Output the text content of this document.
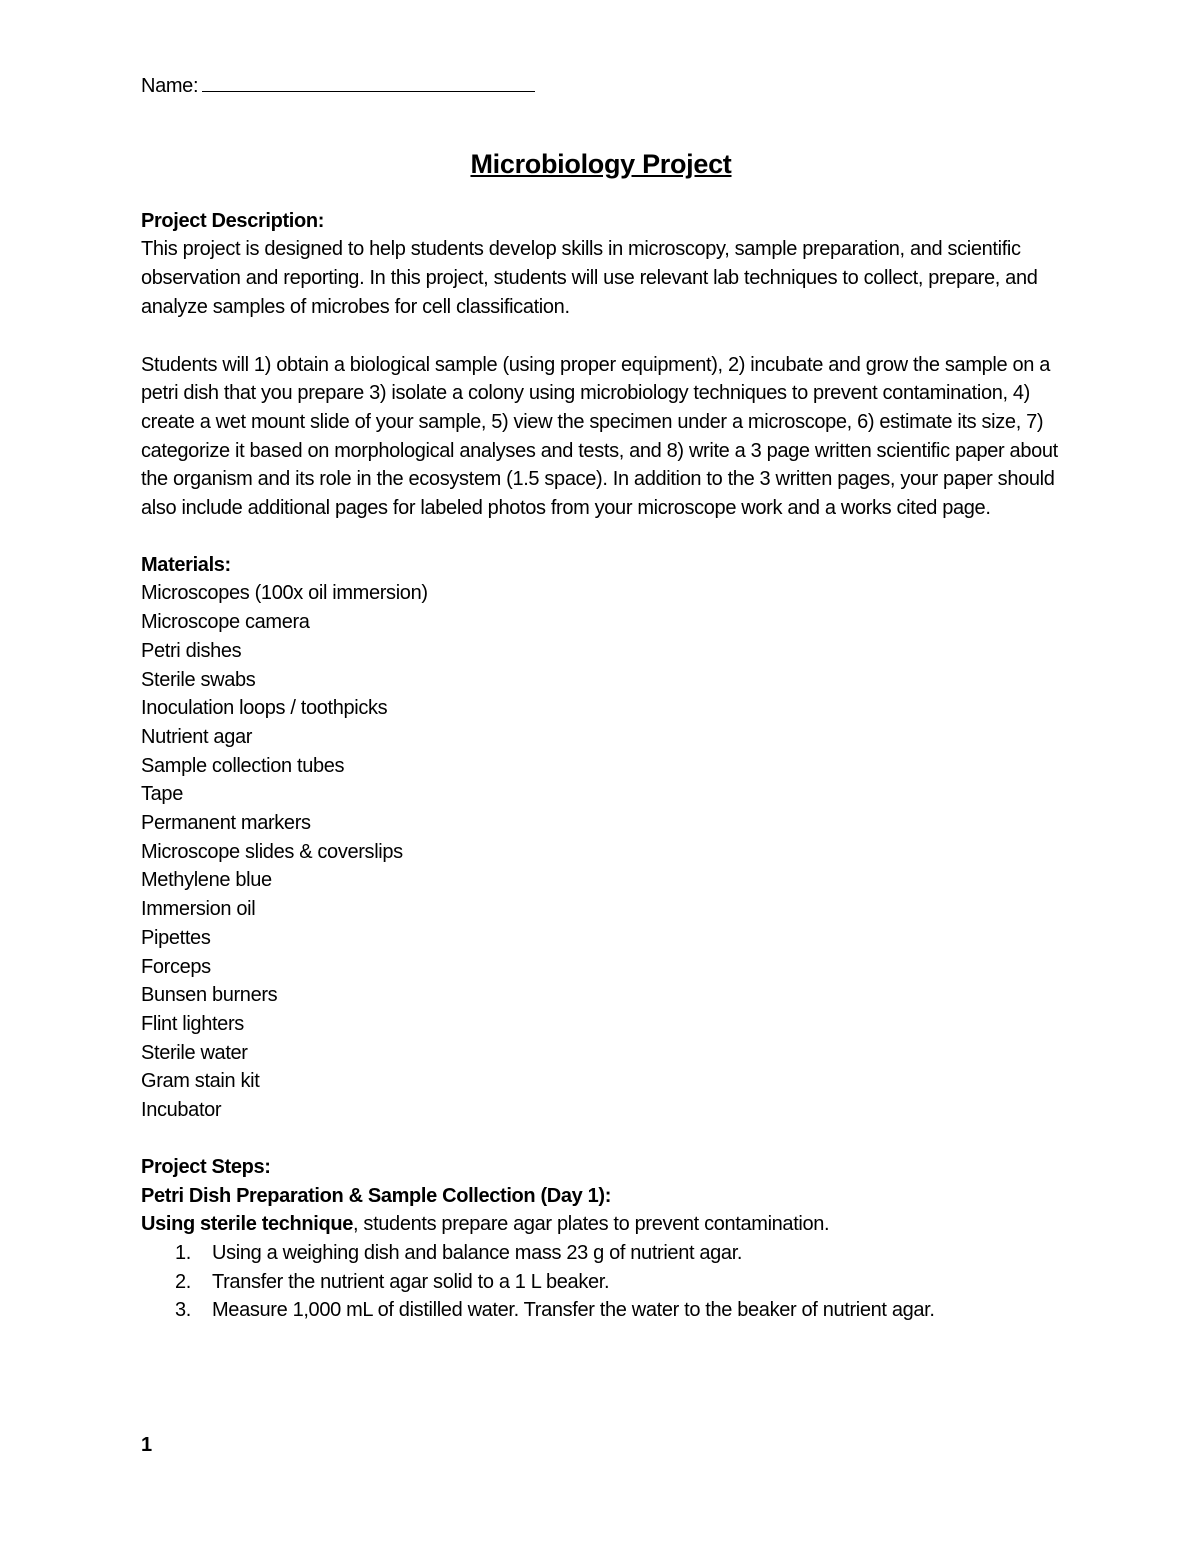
Name:

Microbiology Project

Project Description:

This project is designed to help students develop skills in microscopy, sample preparation, and scientific observation and reporting. In this project, students will use relevant lab techniques to collect, prepare, and analyze samples of microbes for cell classification.

Students will 1) obtain a biological sample (using proper equipment), 2) incubate and grow the sample on a petri dish that you prepare 3) isolate a colony using microbiology techniques to prevent contamination, 4) create a wet mount slide of your sample, 5) view the specimen under a microscope, 6) estimate its size, 7) categorize it based on morphological analyses and tests, and 8) write a 3 page written scientific paper about the organism and its role in the ecosystem (1.5 space). In addition to the 3 written pages, your paper should also include additional pages for labeled photos from your microscope work and a works cited page.

Materials:

Microscopes (100x oil immersion)
Microscope camera
Petri dishes
Sterile swabs
Inoculation loops / toothpicks
Nutrient agar
Sample collection tubes
Tape
Permanent markers
Microscope slides & coverslips
Methylene blue
Immersion oil
Pipettes
Forceps
Bunsen burners
Flint lighters
Sterile water
Gram stain kit
Incubator

Project Steps:

Petri Dish Preparation & Sample Collection (Day 1):

Using sterile technique, students prepare agar plates to prevent contamination.

1. Using a weighing dish and balance mass 23 g of nutrient agar.
2. Transfer the nutrient agar solid to a 1 L beaker.
3. Measure 1,000 mL of distilled water. Transfer the water to the beaker of nutrient agar.
1
